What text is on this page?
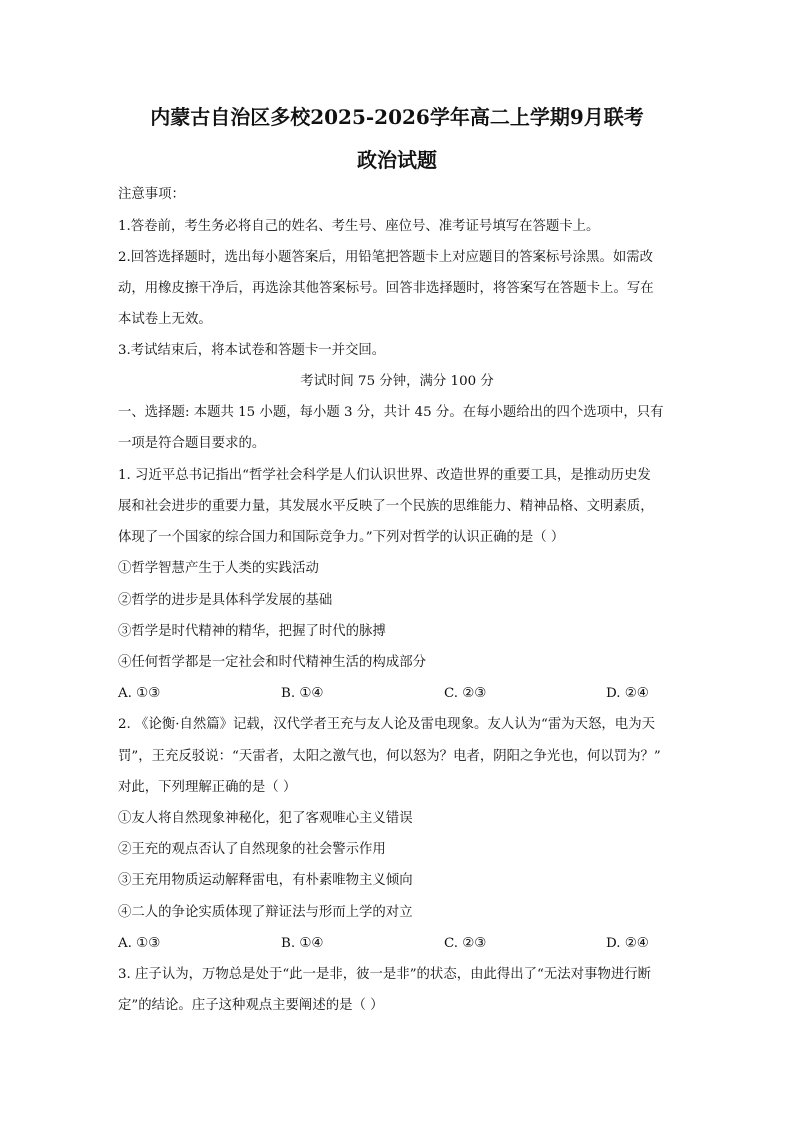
内蒙古自治区多校2025-2026学年高二上学期9月联考
政治试题
注意事项：
1.答卷前，考生务必将自己的姓名、考生号、座位号、准考证号填写在答题卡上。
2.回答选择题时，选出每小题答案后，用铅笔把答题卡上对应题目的答案标号涂黑。如需改
动，用橡皮擦干净后，再选涂其他答案标号。回答非选择题时，将答案写在答题卡上。写在
本试卷上无效。
3.考试结束后，将本试卷和答题卡一并交回。
考试时间 75 分钟，满分 100 分
一、选择题: 本题共 15 小题，每小题 3 分，共计 45 分。在每小题给出的四个选项中，只有
一项是符合题目要求的。
1. 习近平总书记指出“哲学社会科学是人们认识世界、改造世界的重要工具，是推动历史发
展和社会进步的重要力量，其发展水平反映了一个民族的思维能力、精神品格、文明素质，
体现了一个国家的综合国力和国际竞争力。”下列对哲学的认识正确的是（ ）
①哲学智慧产生于人类的实践活动
②哲学的进步是具体科学发展的基础
③哲学是时代精神的精华，把握了时代的脉搏
④任何哲学都是一定社会和时代精神生活的构成部分
A. ①③	B. ①④	C. ②③	D. ②④
2. 《论衡·自然篇》记载，汉代学者王充与友人论及雷电现象。友人认为“雷为天怒，电为天
罚”，王充反驳说：“天雷者，太阳之激气也，何以怒为？电者，阴阳之争光也，何以罚为？”
对此，下列理解正确的是（ ）
①友人将自然现象神秘化，犯了客观唯心主义错误
②王充的观点否认了自然现象的社会警示作用
③王充用物质运动解释雷电，有朴素唯物主义倾向
④二人的争论实质体现了辩证法与形而上学的对立
A. ①③	B. ①④	C. ②③	D. ②④
3. 庄子认为，万物总是处于“此一是非，彼一是非”的状态，由此得出了“无法对事物进行断
定”的结论。庄子这种观点主要阐述的是（ ）
